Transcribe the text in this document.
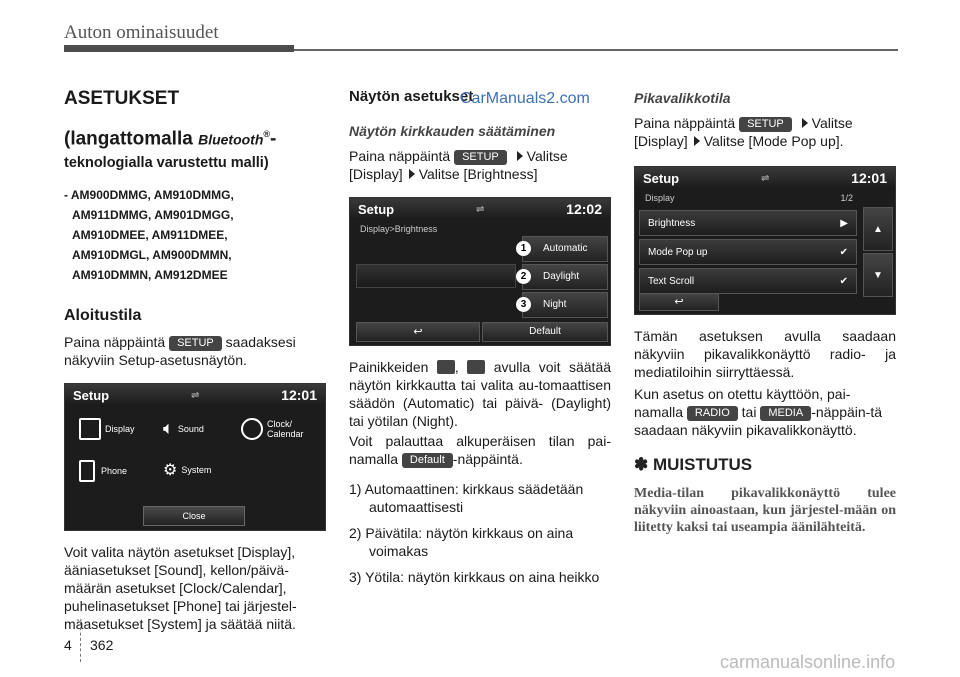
Auton ominaisuudet
ASETUKSET
(langattomalla Bluetooth®-
teknologialla varustettu malli)
- AM900DMMG, AM910DMMG,
AM911DMMG, AM901DMGG,
AM910DMEE, AM911DMEE,
AM910DMGL, AM900DMMN,
AM910DMMN, AM912DMEE
Aloitustila
Paina näppäintä SETUP saadaksesi
näkyviin Setup-asetusnäytön.
Setup	⇌	12:01
Display 🔈︎ Sound	Clock/ Calendar
Phone ⚙ System
Close
Voit valita näytön asetukset [Display], ääniasetukset [Sound], kellon/päivä-määrän asetukset [Clock/Calendar], puhelinasetukset [Phone] tai järjestel-mäasetukset [System] ja säätää niitä.
Näytön asetukset
Näytön kirkkauden säätäminen
Paina näppäintä SETUP Valitse
[Display] Valitse [Brightness]
Setup	⇌	12:02
Display>Brightness
Automatic
Daylight
Night
1
2
3
↩	Default
Painikkeiden , avulla voit säätää näytön kirkkautta tai valita au-tomaattisen säädön (Automatic) tai päivä- (Daylight) tai yötilan (Night).
Voit palauttaa alkuperäisen tilan pai-namalla Default -näppäintä.
1) Automaattinen: kirkkaus säädetään automaattisesti
2) Päivätila: näytön kirkkaus on aina voimakas
3) Yötila: näytön kirkkaus on aina heikko
CarManuals2.com	Pikavalikkotila
Paina näppäintä SETUP Valitse
[Display] Valitse [Mode Pop up].
Setup	⇌	12:01
Display	1/2
Brightness	▶
Mode Pop up	✔
Text Scroll	✔
▲
▼
↩
Tämän asetuksen avulla saadaan näkyviin pikavalikkonäyttö radio- ja mediatiloihin siirryttäessä.
Kun asetus on otettu käyttöön, pai-namalla RADIO tai MEDIA -näppäin-tä saadaan näkyviin pikavalikkonäyttö.
✽ MUISTUTUS
Media-tilan pikavalikkonäyttö tulee näkyviin ainoastaan, kun järjestel-mään on liitetty kaksi tai useampia äänilähteitä.
4 362
carmanualsonline.info
